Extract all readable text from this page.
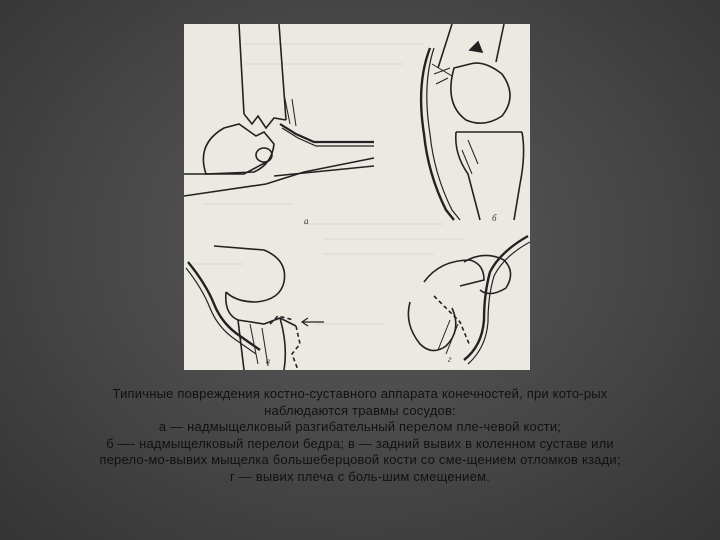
а	б
в	г
Типичные повреждения костно-суставного аппарата конечностей, при кото-рых
наблюдаются травмы сосудов:
а — надмыщелковый разгибательный перелом пле-чевой кости;
б —- надмыщелковый перелои бедра; в — задний вывих в коленном суставе или
перело-мо-вывих мыщелка большеберцовой кости со сме-щением отломков кзади;
г — вывих плеча с боль-шим смещением.
